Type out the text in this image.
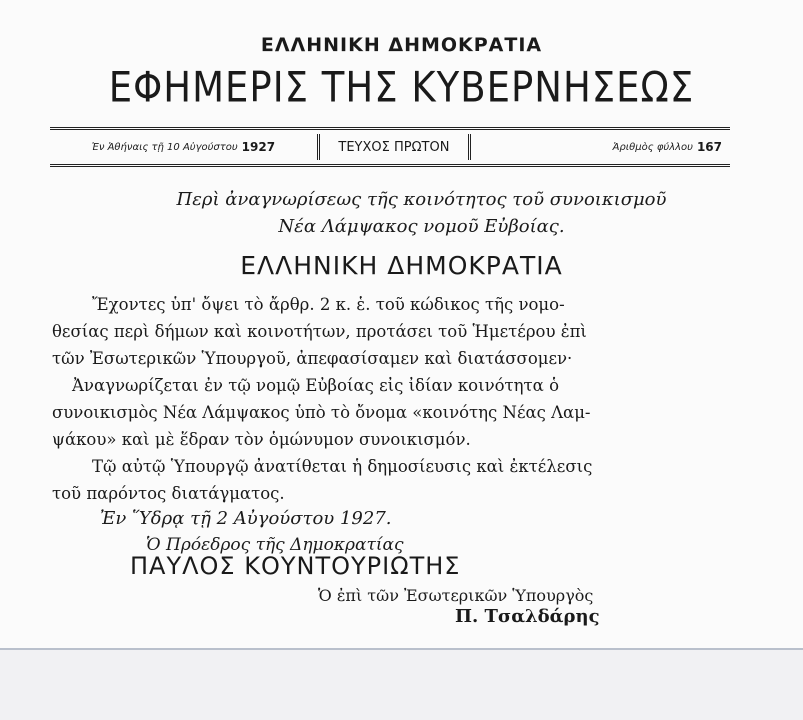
ΕΛΛΗΝΙΚΗ ΔΗΜΟΚΡΑΤΙΑ
ΕΦΗΜΕΡΙΣ ΤΗΣ ΚΥΒΕΡΝΗΣΕΩΣ
Ἐν Ἀθήναις τῇ 10 Αὐγούστου 1927	ΤΕΥΧΟΣ ΠΡΩΤΟΝ	Ἀριθμὸς φύλλου 167
Περὶ ἀναγνωρίσεως τῆς κοινότητος τοῦ συνοικισμοῦ
Νέα Λάμψακος νομοῦ Εὐβοίας.
ΕΛΛΗΝΙΚΗ ΔΗΜΟΚΡΑΤΙΑ
Ἔχοντες ὑπ' ὄψει τὸ ἄρθρ. 2 κ. ἑ. τοῦ κώδικος τῆς νομο-
θεσίας περὶ δήμων καὶ κοινοτήτων, προτάσει τοῦ Ἡμετέρου ἐπὶ
τῶν Ἐσωτερικῶν Ὑπουργοῦ, ἀπεφασίσαμεν καὶ διατάσσομεν·
Ἀναγνωρίζεται ἐν τῷ νομῷ Εὐβοίας εἰς ἰδίαν κοινότητα ὁ
συνοικισμὸς Νέα Λάμψακος ὑπὸ τὸ ὄνομα «κοινότης Νέας Λαμ-
ψάκου» καὶ μὲ ἕδραν τὸν ὁμώνυμον συνοικισμόν.
Τῷ αὐτῷ Ὑπουργῷ ἀνατίθεται ἡ δημοσίευσις καὶ ἐκτέλεσις
τοῦ παρόντος διατάγματος.
Ἐν Ὕδρᾳ τῇ 2 Αὐγούστου 1927.
Ὁ Πρόεδρος τῆς Δημοκρατίας
ΠΑΥΛΟΣ ΚΟΥΝΤΟΥΡΙΩΤΗΣ
Ὁ ἐπὶ τῶν Ἐσωτερικῶν Ὑπουργὸς
Π. Τσαλδάρης
